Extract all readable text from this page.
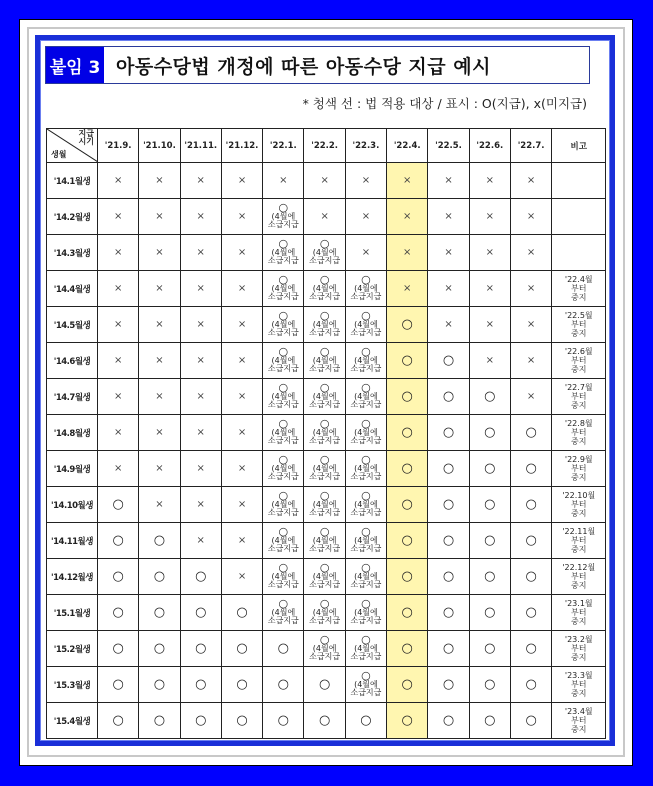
붙임 3 아동수당법 개정에 따른 아동수당 지급 예시
* 청색 선 : 법 적용 대상 / 표시 : O(지급), x(미지급)
지급
시기
생월	'21.9.	'21.10.	'21.11.	'21.12.	'22.1.	'22.2.	'22.3.	'22.4.	'22.5.	'22.6.	'22.7.	비고
'14.1월생	×	×	×	×	×	×	×	×	×	×	×	
'14.2월생	×	×	×	×	○
(4월에
소급지급	×	×	×	×	×	×	
'14.3월생	×	×	×	×	○
(4월에
소급지급	○
(4월에
소급지급	×	×	×	×	×	
'14.4월생	×	×	×	×	○
(4월에
소급지급	○
(4월에
소급지급	○
(4월에
소급지급	×	×	×	×	'22.4월
부터
중지
'14.5월생	×	×	×	×	○
(4월에
소급지급	○
(4월에
소급지급	○
(4월에
소급지급	○	×	×	×	'22.5월
부터
중지
'14.6월생	×	×	×	×	○
(4월에
소급지급	○
(4월에
소급지급	○
(4월에
소급지급	○	○	×	×	'22.6월
부터
중지
'14.7월생	×	×	×	×	○
(4월에
소급지급	○
(4월에
소급지급	○
(4월에
소급지급	○	○	○	×	'22.7월
부터
중지
'14.8월생	×	×	×	×	○
(4월에
소급지급	○
(4월에
소급지급	○
(4월에
소급지급	○	○	○	○	'22.8월
부터
중지
'14.9월생	×	×	×	×	○
(4월에
소급지급	○
(4월에
소급지급	○
(4월에
소급지급	○	○	○	○	'22.9월
부터
중지
'14.10월생	○	×	×	×	○
(4월에
소급지급	○
(4월에
소급지급	○
(4월에
소급지급	○	○	○	○	'22.10월
부터
중지
'14.11월생	○	○	×	×	○
(4월에
소급지급	○
(4월에
소급지급	○
(4월에
소급지급	○	○	○	○	'22.11월
부터
중지
'14.12월생	○	○	○	×	○
(4월에
소급지급	○
(4월에
소급지급	○
(4월에
소급지급	○	○	○	○	'22.12월
부터
중지
'15.1월생	○	○	○	○	○
(4월에
소급지급	○
(4월에
소급지급	○
(4월에
소급지급	○	○	○	○	'23.1월
부터
중지
'15.2월생	○	○	○	○	○	○
(4월에
소급지급	○
(4월에
소급지급	○	○	○	○	'23.2월
부터
중지
'15.3월생	○	○	○	○	○	○	○
(4월에
소급지급	○	○	○	○	'23.3월
부터
중지
'15.4월생	○	○	○	○	○	○	○	○	○	○	○	'23.4월
부터
중지
